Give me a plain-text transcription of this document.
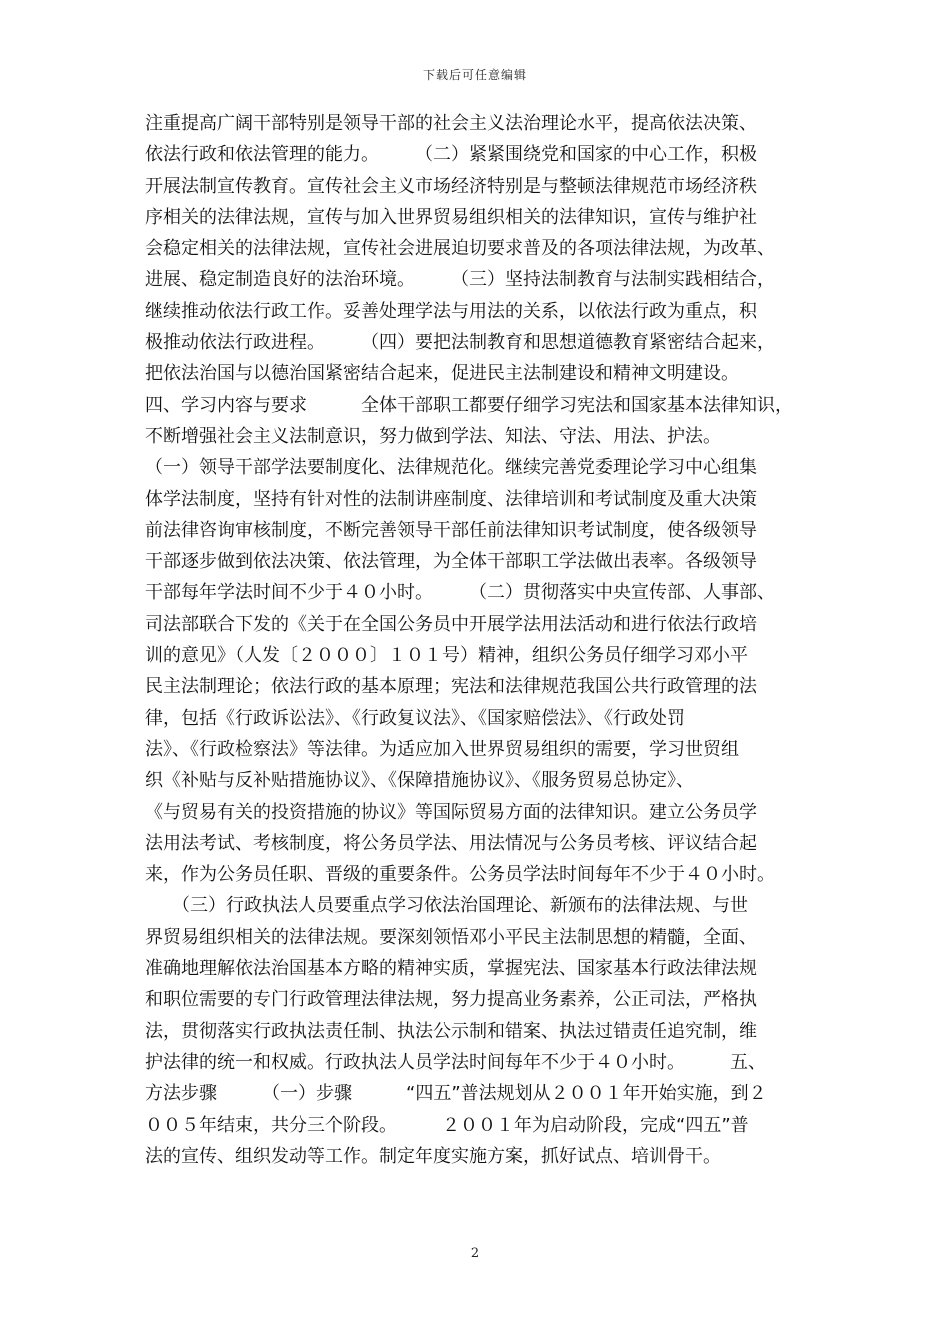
下载后可任意编辑
注重提高广阔干部特别是领导干部的社会主义法治理论水平，提高依法决策、
依法行政和依法管理的能力。　　　（二）紧紧围绕党和国家的中心工作，积极
开展法制宣传教育。宣传社会主义市场经济特别是与整顿法律规范市场经济秩
序相关的法律法规，宣传与加入世界贸易组织相关的法律知识，宣传与维护社
会稳定相关的法律法规，宣传社会进展迫切要求普及的各项法律法规，为改革、
进展、稳定制造良好的法治环境。　　　（三）坚持法制教育与法制实践相结合，
继续推动依法行政工作。妥善处理学法与用法的关系，以依法行政为重点，积
极推动依法行政进程。　　　（四）要把法制教育和思想道德教育紧密结合起来，
把依法治国与以德治国紧密结合起来，促进民主法制建设和精神文明建设。
四、学习内容与要求　　　全体干部职工都要仔细学习宪法和国家基本法律知识，
不断增强社会主义法制意识，努力做到学法、知法、守法、用法、护法。
（一）领导干部学法要制度化、法律规范化。继续完善党委理论学习中心组集
体学法制度，坚持有针对性的法制讲座制度、法律培训和考试制度及重大决策
前法律咨询审核制度，不断完善领导干部任前法律知识考试制度，使各级领导
干部逐步做到依法决策、依法管理，为全体干部职工学法做出表率。各级领导
干部每年学法时间不少于４０小时。　　　（二）贯彻落实中央宣传部、人事部、
司法部联合下发的《关于在全国公务员中开展学法用法活动和进行依法行政培
训的意见》（人发〔２０００〕１０１号）精神，组织公务员仔细学习邓小平
民主法制理论；依法行政的基本原理；宪法和法律规范我国公共行政管理的法
律，包括《行政诉讼法》、《行政复议法》、《国家赔偿法》、《行政处罚
法》、《行政检察法》等法律。为适应加入世界贸易组织的需要，学习世贸组
织《补贴与反补贴措施协议》、《保障措施协议》、《服务贸易总协定》、
《与贸易有关的投资措施的协议》等国际贸易方面的法律知识。建立公务员学
法用法考试、考核制度，将公务员学法、用法情况与公务员考核、评议结合起
来，作为公务员任职、晋级的重要条件。公务员学法时间每年不少于４０小时。
　　（三）行政执法人员要重点学习依法治国理论、新颁布的法律法规、与世
界贸易组织相关的法律法规。要深刻领悟邓小平民主法制思想的精髓，全面、
准确地理解依法治国基本方略的精神实质，掌握宪法、国家基本行政法律法规
和职位需要的专门行政管理法律法规，努力提高业务素养，公正司法，严格执
法，贯彻落实行政执法责任制、执法公示制和错案、执法过错责任追究制，维
护法律的统一和权威。行政执法人员学法时间每年不少于４０小时。　　　五、
方法步骤　　　（一）步骤　　　“四五”普法规划从２００１年开始实施，到２
００５年结束，共分三个阶段。　　　２００１年为启动阶段，完成“四五”普
法的宣传、组织发动等工作。制定年度实施方案，抓好试点、培训骨干。
2
